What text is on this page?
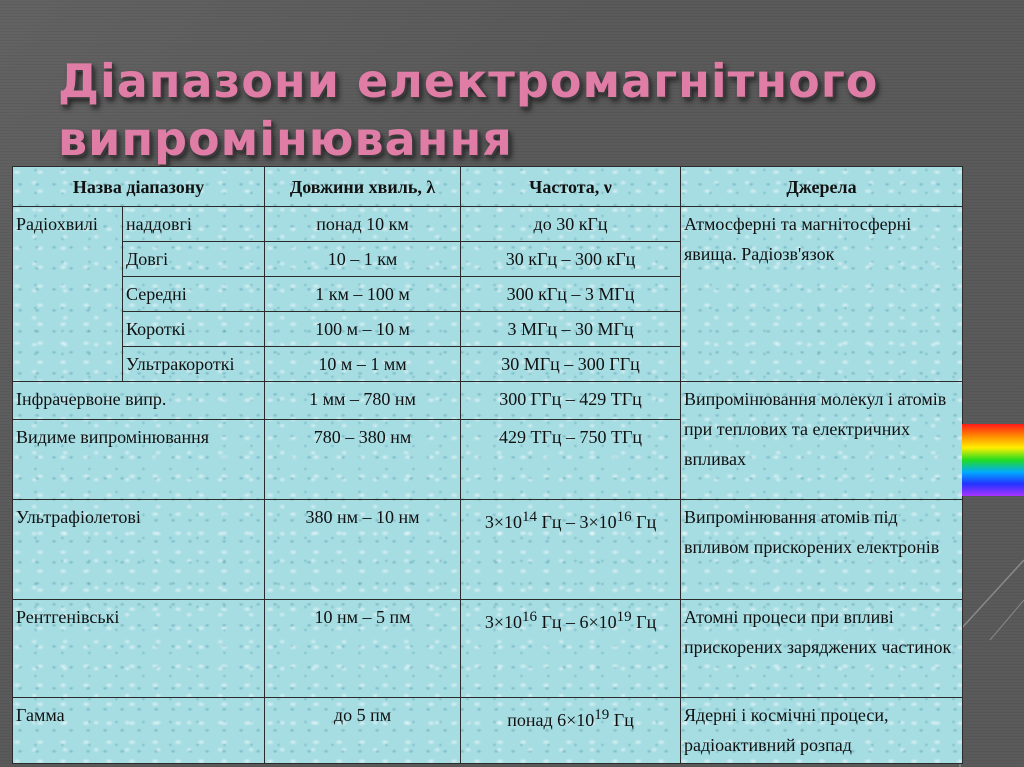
Діапазони електромагнітного
випромінювання
Назва діапазону		Довжини хвиль, λ	Частота, ν	Джерела
Радіохвилі	наддовгі	понад 10 км	до 30 кГц	Атмосферні та магнітосферні явища. Радіозв'язок
	Довгі	10 – 1 км	30 кГц – 300 кГц	
	Середні	1 км – 100 м	300 кГц – 3 МГц	
	Короткі	100 м – 10 м	3 МГц – 30 МГц	
	Ультракороткі	10 м – 1 мм	30 МГц – 300 ГГц	
Інфрачервоне випр.		1 мм – 780 нм	300 ГГц – 429 ТГц	Випромінювання молекул і атомів при теплових та електричних впливах
Видиме випромінювання		780 – 380 нм	429 ТГц – 750 ТГц	
Ультрафіолетові		380 нм – 10 нм	$3\times 10^{14}$ Гц – $3\times 10^{16}$ Гц	Випромінювання атомів під впливом прискорених електронів
Рентгенівські		10 нм – 5 пм	$3\times 10^{16}$ Гц – $6\times 10^{19}$ Гц	Атомні процеси при впливі прискорених заряджених частинок
Гамма		до 5 пм	понад $6\times 10^{19}$ Гц	Ядерні і космічні процеси, радіоактивний розпад
